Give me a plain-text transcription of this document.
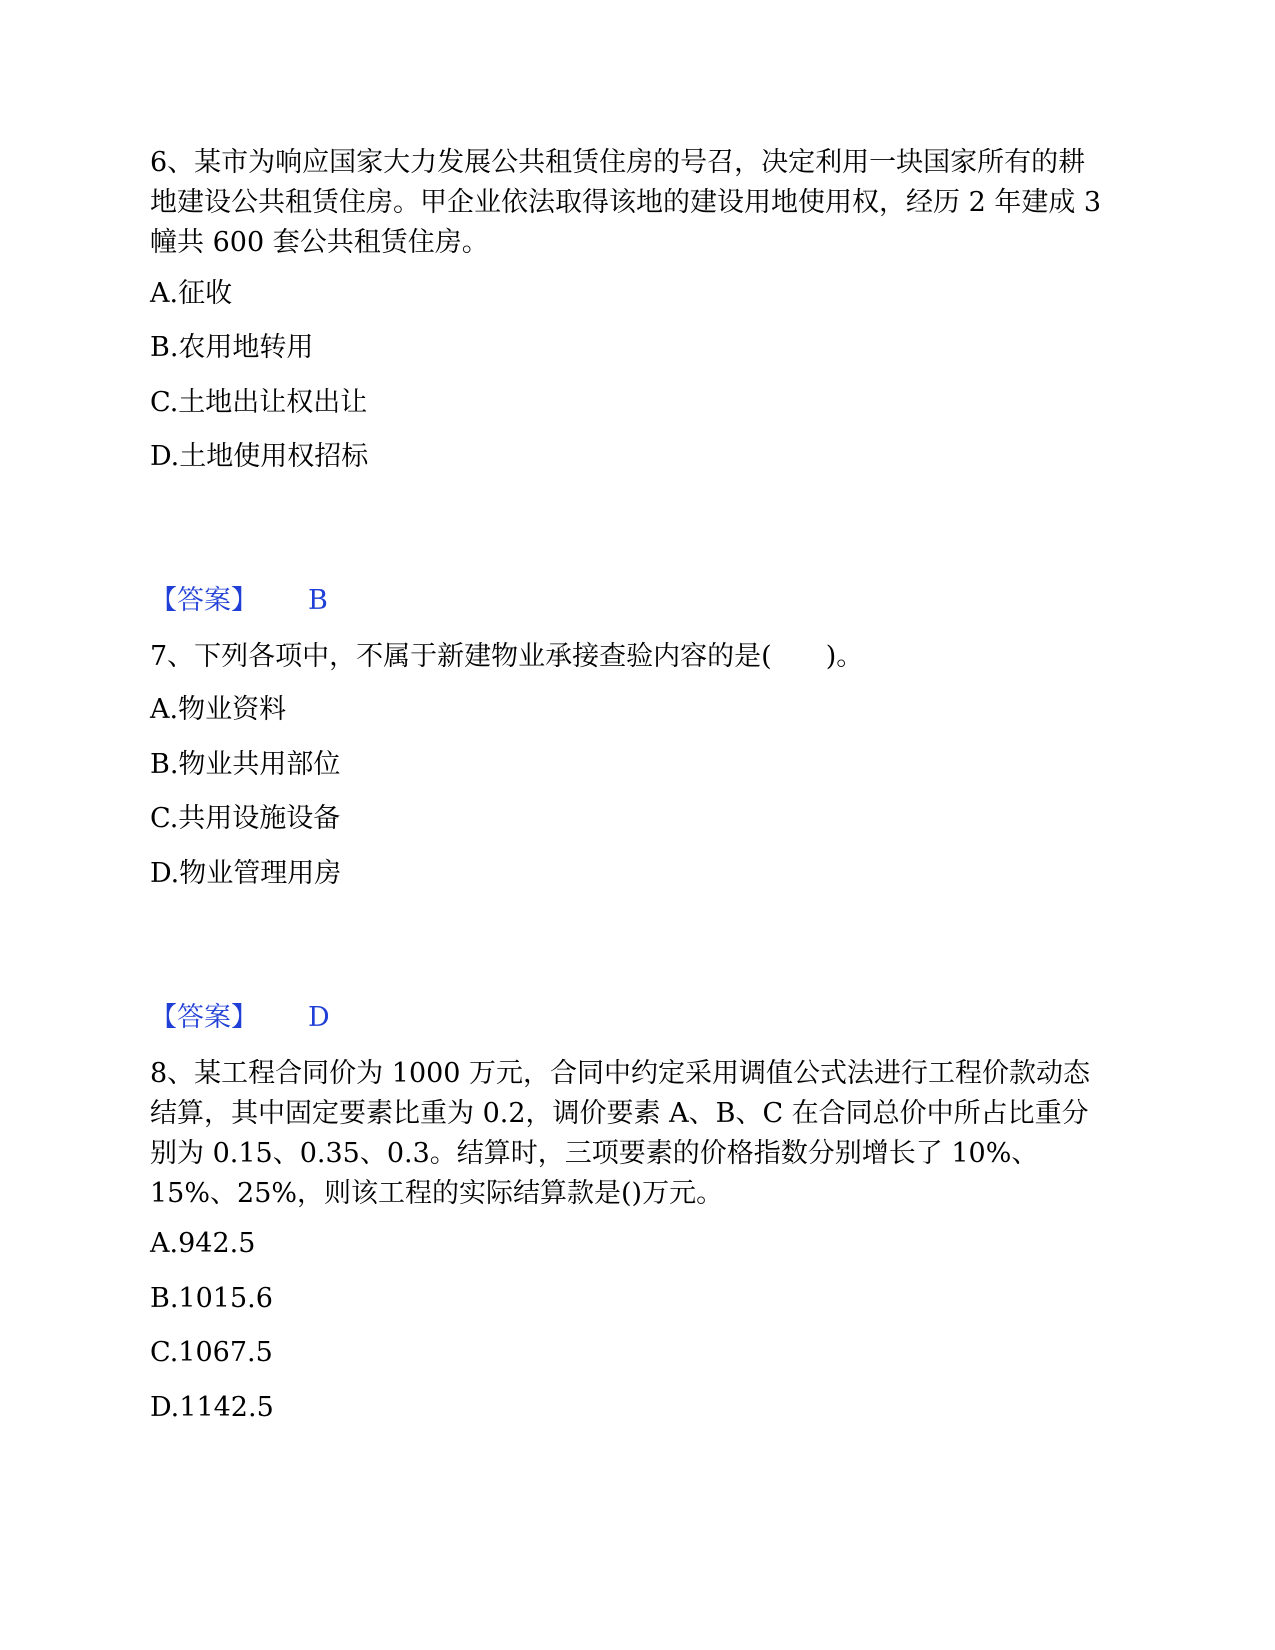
6、某市为响应国家大力发展公共租赁住房的号召，决定利用一块国家所有的耕地建设公共租赁住房。甲企业依法取得该地的建设用地使用权，经历 2 年建成 3 幢共 600 套公共租赁住房。

A.征收
B.农用地转用
C.土地出让权出让
D.土地使用权招标
【答案】 B

7、下列各项中，不属于新建物业承接查验内容的是(　　)。

A.物业资料
B.物业共用部位
C.共用设施设备
D.物业管理用房
【答案】 D

8、某工程合同价为 1000 万元，合同中约定采用调值公式法进行工程价款动态结算，其中固定要素比重为 0.2，调价要素 A、B、C 在合同总价中所占比重分别为 0.15、0.35、0.3。结算时，三项要素的价格指数分别增长了 10%、15%、25%，则该工程的实际结算款是()万元。

A.942.5
B.1015.6
C.1067.5
D.1142.5
